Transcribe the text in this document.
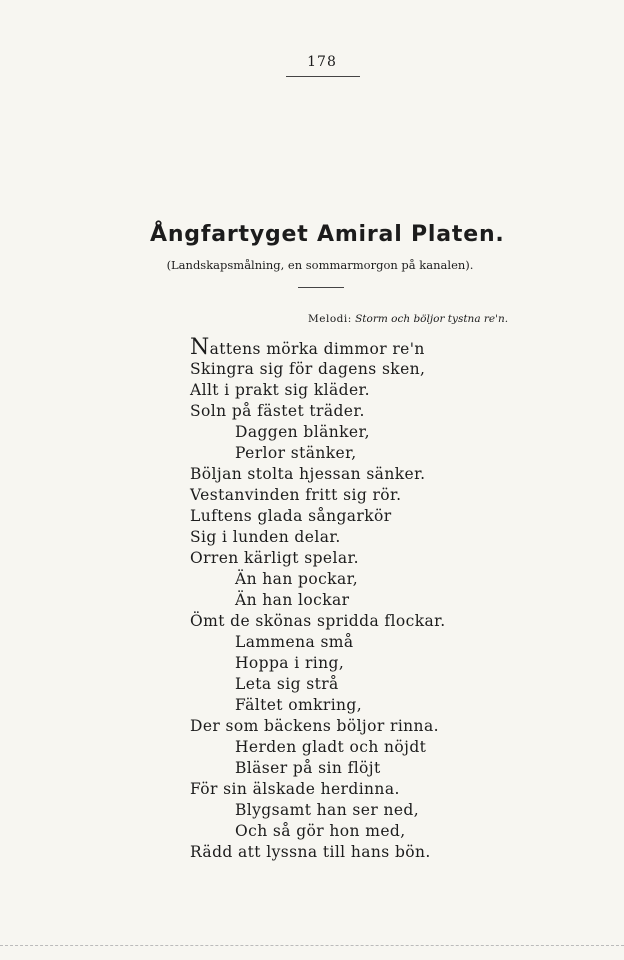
178
Ångfartyget Amiral Platen.
(Landskapsmålning, en sommarmorgon på kanalen).
Melodi: Storm och böljor tystna re'n.
Nattens mörka dimmor re'n
Skingra sig för dagens sken,
Allt i prakt sig kläder.
Soln på fästet träder.
Daggen blänker,
Perlor stänker,
Böljan stolta hjessan sänker.
Vestanvinden fritt sig rör.
Luftens glada sångarkör
Sig i lunden delar.
Orren kärligt spelar.
Än han pockar,
Än han lockar
Ömt de skönas spridda flockar.
Lammena små
Hoppa i ring,
Leta sig strå
Fältet omkring,
Der som bäckens böljor rinna.
Herden gladt och nöjdt
Bläser på sin flöjt
För sin älskade herdinna.
Blygsamt han ser ned,
Och så gör hon med,
Rädd att lyssna till hans bön.
